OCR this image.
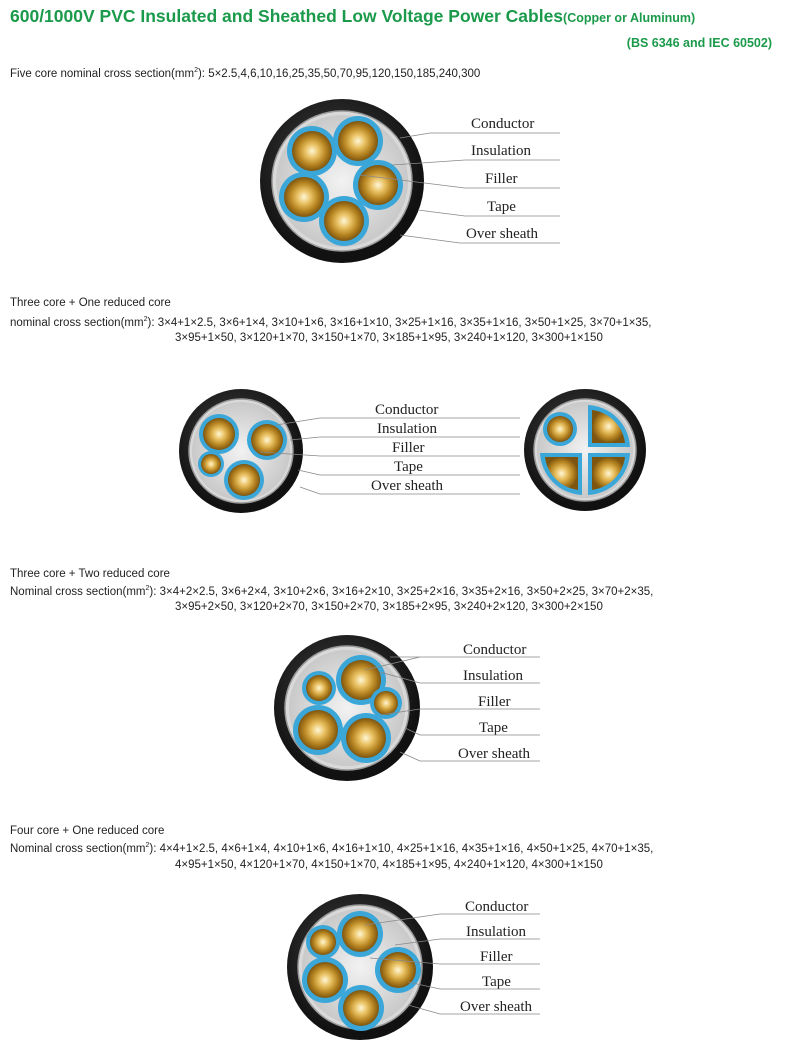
600/1000V PVC Insulated and Sheathed Low Voltage Power Cables(Copper or Aluminum)
(BS 6346 and IEC 60502)
Five core nominal cross $section(mm^2)$: 5×2.5,4,6,10,16,25,35,50,70,95,120,150,185,240,300
Conductor
Insulation
Filler
Tape
Over sheath
Three core + One reduced core
nominal cross $section(mm^2)$: 3×4+1×2.5, 3×6+1×4, 3×10+1×6, 3×16+1×10, 3×25+1×16, 3×35+1×16, 3×50+1×25, 3×70+1×35,
3×95+1×50, 3×120+1×70, 3×150+1×70, 3×185+1×95, 3×240+1×120, 3×300+1×150
Conductor
Insulation
Filler
Tape
Over sheath
Three core + Two reduced core
Nominal cross $section(mm^2)$: 3×4+2×2.5, 3×6+2×4, 3×10+2×6, 3×16+2×10, 3×25+2×16, 3×35+2×16, 3×50+2×25, 3×70+2×35,
3×95+2×50, 3×120+2×70, 3×150+2×70, 3×185+2×95, 3×240+2×120, 3×300+2×150
Conductor
Insulation
Filler
Tape
Over sheath
Four core + One reduced core
Nominal cross $section(mm^2)$: 4×4+1×2.5, 4×6+1×4, 4×10+1×6, 4×16+1×10, 4×25+1×16, 4×35+1×16, 4×50+1×25, 4×70+1×35,
4×95+1×50, 4×120+1×70, 4×150+1×70, 4×185+1×95, 4×240+1×120, 4×300+1×150
Conductor
Insulation
Filler
Tape
Over sheath
